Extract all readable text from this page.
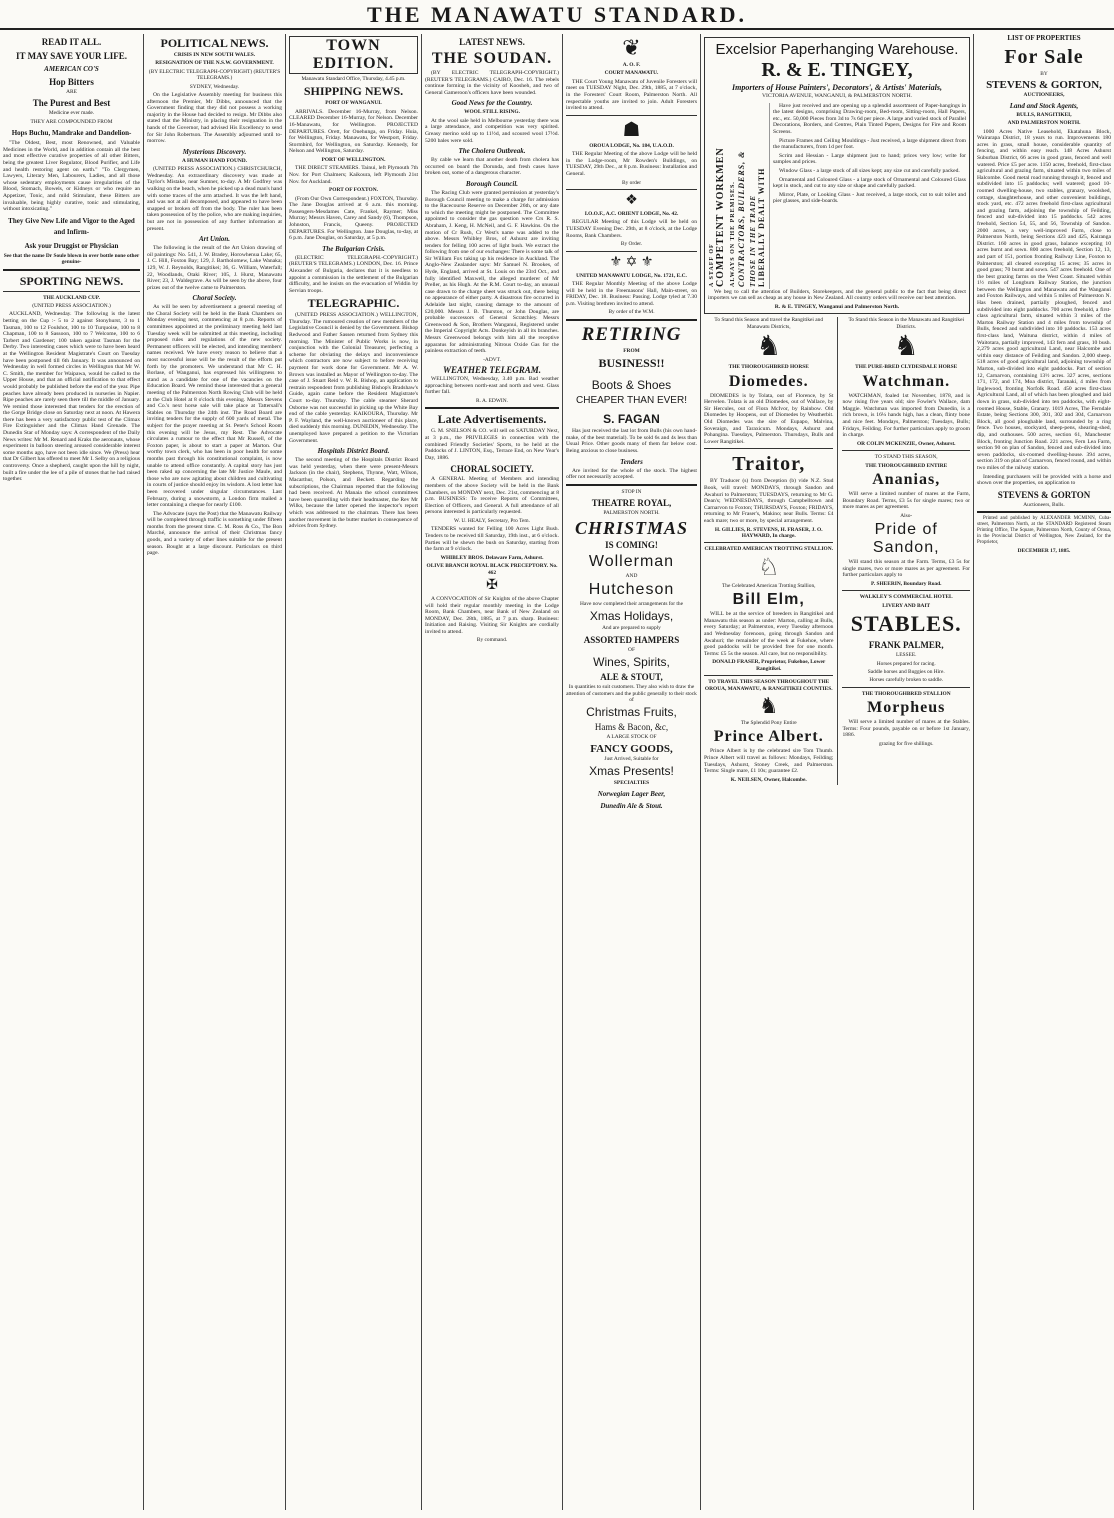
THE MANAWATU STANDARD.
READ IT ALL.
IT MAY SAVE YOUR LIFE.
AMERICAN CO'S
Hop Bitters
ARE
The Purest and Best
Medicine ever made.
THEY ARE COMPOUNDED FROM
Hops Buchu, Mandrake and Dandelion-

"The Oldest, Best, most Renowned, and Valuable Medicines in the World, and in addition contain all the best and most effective curative properties of all other Bitters, being the greatest Liver Regulator, Blood Purifier, and Life and health restoring agent on earth." "To Clergymen, Lawyers, Literary Men, Labourers, Ladies, and all those whose sedentary employments cause irregularities of the Blood, Stomach, Bowels, or Kidneys or who require an Appetizer, Tonic, and mild Stimulant, these Bitters are invaluable, being highly curative, tonic and stimulating, without intoxicating."

They Give New Life and Vigor to the Aged and Infirm-
Ask your Druggist or Physician
See that the name Dr Soule blown in over bottle none other genuine-
SPORTING NEWS.
THE AUCKLAND CUP.
(UNITED PRESS ASSOCIATION.)

AUCKLAND, Wednesday. The following is the latest betting on the Cup :- 5 to 2 against Stonyhurst, 3 to 1 Tasman, 100 to 12 Foulshot, 100 to 10 Turquoise, 100 to 8 Chapman, 100 to 8 Sassoon, 100 to 7 Welcome, 100 to 6 Tarbert and Gardener; 100 taken against Tasman for the Derby. Two interesting cases which were to have been heard at the Wellington Resident Magistrate's Court on Tuesday have been postponed till 6th January. It was announced on Wednesday in well formed circles in Wellington that Mr W. C. Smith, the member for Waipawa, would be called to the Upper House, and that an official notification to that effect would probably be published before the end of the year. Pipe peaches have already been produced in nurseries in Napier. Ripe peaches are rarely seen there till the middle of January. We remind those interested that tenders for the erection of the Gorge Bridge close on Saturday next at noon. At Hawera there has been a very satisfactory public test of the Climax Fire Extinguisher and the Climax Hand Grenade. The Dunedin Star of Monday says: A correspondent of the Daily News writes: Mr M. Renard and Kraks the aeronauts, whose experiment in balloon steering aroused considerable interest some months ago, have not been idle since. We (Press) hear that Dr Gilbert has offered to meet Mr I. Selby on a religious controversy. Once a shepherd, caught upon the hill by night, built a fire under the lee of a pile of stones that he had raised together.

POLITICAL NEWS.
CRISIS IN NEW SOUTH WALES.
RESIGNATION OF THE N.S.W. GOVERNMENT.
(BY ELECTRIC TELEGRAPH-COPYRIGHT) (REUTER'S TELEGRAMS.)
SYDNEY, Wednesday.

On the Legislative Assembly meeting for business this afternoon the Premier, Mr Dibbs, announced that the Government finding that they did not possess a working majority in the House had decided to resign. Mr Dibbs also stated that the Ministry, in placing their resignation in the hands of the Governor, had advised His Excellency to send for Sir John Robertson. The Assembly adjourned until to-morrow.

Mysterious Discovery.
A HUMAN HAND FOUND.

(UNITED PRESS ASSOCIATION.) CHRISTCHURCH, Wednesday. An extraordinary discovery was made at Taylor's Mistake, near Sumner, to-day. A Mr Godfrey was walking on the beach, when he picked up a dead man's hand with some traces of the arm attached. It was the left hand, and was not at all decomposed, and appeared to have been snapped or broken off from the body. The ruler has been taken possession of by the police, who are making inquiries, but are not in possession of any further information at present.

Art Union.

The following is the result of the Art Union drawing of oil paintings: No. 541, J. W. Bradey, Horowhenua Lake; 65, J. C. Hill, Foxton Bay; 129, J. Bartholomew, Lake Wanaka; 129, W. J. Reynolds, Rangitikei; 36, G. William, Waterfall; 22, Woodlands, Otaki River; 105, J. Hurst, Manawatu River; 23, J. Waldegrave. As will be seen by the above, four prizes out of the twelve came to Palmerston.

Choral Society.

As will be seen by advertisement a general meeting of the Choral Society will be held in the Bank Chambers on Monday evening next, commencing at 8 p.m. Reports of committees appointed at the preliminary meeting held last Tuesday week will be submitted at this meeting, including proposed rules and regulations of the new society. Permanent officers will be elected, and intending members' names received. We have every reason to believe that a most successful issue will be the result of the efforts put forth by the promoters. We understand that Mr C. H. Borlase, of Wanganui, has expressed his willingness to stand as a candidate for one of the vacancies on the Education Board. We remind those interested that a general meeting of the Palmerston North Rowing Club will be held at the Club Hotel at 8 o'clock this evening. Messrs Stevens and Co.'s next horse sale will take place at Tattersall's Stables on Thursday the 24th inst. The Road Board are inviting tenders for the supply of 600 yards of metal. The subject for the prayer meeting at St. Peter's School Room this evening will be Jesus, my Rest. The Advocate circulates a rumour to the effect that Mr Russell, of the Foxton paper, is about to start a paper at Marton. Our worthy town clerk, who has been in poor health for some months past through his constitutional complaint, is now unable to attend office constantly. A capital story has just been raked up concerning the late Mr Justice Maule, and those who are now agitating about children and cultivating in courts of justice should enjoy its wisdom. A lost letter has been recovered under singular circumstances. Last February, during a snowstorm, a London firm mailed a letter containing a cheque for nearly £100.

The Advocate (says the Post) that the Manawatu Railway will be completed through traffic is something under fifteen months from the present time. C. M. Ross & Co., The Bon Marché, announce the arrival of their Christmas fancy goods, and a variety of other lines suitable for the present season. Bought at a large discount. Particulars on third page.

TOWN EDITION.
Manawatu Standard Office, Thursday, 4.45 p.m.
SHIPPING NEWS.
PORT OF WANGANUI.

ARRIVALS. December 16-Murray, from Nelson. CLEARED December 16-Murray, for Nelson. December 16-Manawatu, for Wellington. PROJECTED DEPARTURES. Orett, for Onehunga, on Friday. Huia, for Wellington, Friday. Manawatu, for Westport, Friday. Stormbird, for Wellington, on Saturday. Kennedy, for Nelson and Wellington, Saturday.

PORT OF WELLINGTON.

THE DIRECT STEAMERS. Tainui, left Plymouth 7th Nov. for Port Chalmers; Kaikoura, left Plymouth 21st Nov. for Auckland.

PORT OF FOXTON.

(From Our Own Correspondent.) FOXTON, Thursday. The Jane Douglas arrived at 6 a.m. this morning. Passengers-Mesdames Cate, Frankel, Raymer; Miss Murray; Messrs Haven, Carey and Sandy (6), Thompson, Johnston, Francis, Queeny. PROJECTED DEPARTURES. For Wellington. Jane Douglas, to-day, at 6 p.m. Jane Douglas, on Saturday, at 5 p.m.

The Bulgarian Crisis.

(ELECTRIC TELEGRAPH.-COPYRIGHT.) (REUTER'S TELEGRAMS.) LONDON, Dec. 16. Prince Alexander of Bulgaria, declares that it is needless to appoint a commission in the settlement of the Bulgarian difficulty, and he insists on the evacuation of Widdin by Servian troops.

TELEGRAPHIC.

(UNITED PRESS ASSOCIATION.) WELLINGTON, Thursday. The rumoured creation of new members of the Legislative Council is denied by the Government. Bishop Redwood and Father Sassen returned from Sydney this morning. The Minister of Public Works is now, in conjunction with the Colonial Treasurer, perfecting a scheme for obviating the delays and inconvenience which contractors are now subject to before receiving payment for work done for Government. Mr A. W. Brown was installed as Mayor of Wellington to-day. The case of J. Stuart Reid v. W. R. Bishop, an application to restrain respondent from publishing Bishop's Bradshaw's Guide, again came before the Resident Magistrate's Court to-day. Thursday. The cable steamer Sherard Osborne was not successful in picking up the White Bay end of the cable yesterday. KAIKOURA, Thursday. Mr P. F. Wayland, the well-known auctioneer of this place, died suddenly this morning. DUNEDIN, Wednesday. The unemployed have prepared a petition to the Victorian Government.

Hospitals District Board.

The second meeting of the Hospitals District Board was held yesterday, when there were present-Messrs Jackson (in the chair), Stephens, Thynne, Watt, Wilson, Macarthur, Polson, and Beckett. Regarding the subscriptions, the Chairman reported that the following had been received. At Manaia the school committees have been quarrelling with their headmaster, the Rev Mr Wilks, because the latter opened the inspector's report which was addressed to the chairman. There has been another movement in the butter market in consequence of advices from Sydney.

LATEST NEWS.
THE SOUDAN.

(BY ELECTRIC TELEGRAPH-COPYRIGHT.) (REUTER'S TELEGRAMS.) CAIRO, Dec. 16. The rebels continue forming in the vicinity of Koosheh, and two of General Gameroon's officers have been wounded.

Good News for the Country.
WOOL STILL RISING.

At the wool sale held in Melbourne yesterday there was a large attendance, and competition was very spirited. Greasy merino sold up to 11½d, and scoured wool 17½d. 5200 bales were sold.

The Cholera Outbreak.

By cable we learn that another death from cholera has occurred on board the Dorunda, and fresh cases have broken out, some of a dangerous character.

Borough Council.

The Racing Club were granted permission at yesterday's Borough Council meeting to make a charge for admission to the Racecourse Reserve on December 26th, or any date to which the meeting might be postponed. The Committee appointed to consider the gas question were Crs R. S. Abraham, J. Keng, H. McNeil, and G. F. Hawkins. On the motion of Cr Rush, Cr West's name was added to the above. Messrs Whibley Bros, of Ashurst are inviting tenders for felling 100 acres of light bush. We extract the following from one of our exchanges: There is some talk of Sir William Fox taking up his residence in Auckland. The Anglo-New Zealander says: Mr Samuel N. Brookes, of Hyde, England, arrived at St. Louis on the 23rd Oct., and fully identified Maxwell, the alleged murderer of Mr Preller, as his Hugh. At the R.M. Court to-day, an unusual case drawn to the charge sheet was struck out, there being no appearance of either party. A disastrous fire occurred in Adelaide last night, causing damage to the amount of £20,000. Messrs J. B. Thurston, or John Douglas, are probable successors of General Scratchley. Messrs Greenwood & Son, Brothers Wanganui, Registered under the Imperial Copyright Acts. Donkeyish in all its branches. Messrs Greenwood belongs with him all the receptive apparatus for administrating Nitrous Oxide Gas for the painless extraction of teeth.

-ADVT.
WEATHER TELEGRAM.

WELLINGTON, Wednesday, 3.40 p.m. Bad weather approaching between north-east and north and west. Glass further fall.

R. A. EDWIN.
Late Advertisements.

G. M. SNELSON & CO. will sell on SATURDAY Next, at 3 p.m., the PRIVILEGES in connection with the combined Friendly Societies' Sports, to be held at the Paddocks of J. LINTON, Esq., Terrace End, on New Year's Day, 1886.

CHORAL SOCIETY.

A GENERAL Meeting of Members and intending members of the above Society will be held in the Bank Chambers, on MONDAY next, Dec. 21st, commencing at 8 p.m. BUSINESS: To receive Reports of Committees, Election of Officers, and General. A full attendance of all persons interested is particularly requested.

W. U. HEALY, Secretary, Pro Tem.

TENDERS wanted for Felling 100 Acres Light Bush. Tenders to be received till Saturday, 19th inst., at 6 o'clock. Parties will be shewn the bush on Saturday, starting from the farm at 9 o'clock.

WHIBLEY BROS. Delaware Farm, Ashurst.
OLIVE BRANCH ROYAL BLACK PRECEPTORY. No. 462
✠

A CONVOCATION of Sir Knights of the above Chapter will hold their regular monthly meeting in the Lodge Room, Bank Chambers, near Bank of New Zealand on MONDAY, Dec. 28th, 1885, at 7 p.m. sharp. Business: Initiation and Raising. Visiting Sir Knights are cordially invited to attend.

By command.
❦
A. O. F.
COURT MANAWATU.

THE Court Young Manawatu of Juvenile Foresters will meet on TUESDAY Night, Dec. 29th, 1885, at 7 o'clock, in the Foresters' Court Room, Palmerston North. All respectable youths are invited to join. Adult Foresters invited to attend.

☗
OROUA LODGE, No. 184, U.A.O.D.

THE Regular Meeting of the above Lodge will be held in the Lodge-room, Mr Rowden's Buildings, on TUESDAY, 29th Dec., at 8 p.m. Business: Installation and General.

By order
❖
I.O.O.F., A.C. ORIENT LODGE, No. 42.

REGULAR Meeting of this Lodge will be held on TUESDAY Evening Dec. 29th, at 8 o'clock, at the Lodge Rooms, Bank Chambers.

By Order.
⚜ ✡ ⚜
UNITED MANAWATU LODGE, No. 1721, E.C.

THE Regular Monthly Meeting of the above Lodge will be held in the Freemasons' Hall, Main-street, on FRIDAY, Dec. 18. Business: Passing. Lodge tyled at 7.30 p.m. Visiting brethren invited to attend.

By order of the W.M.
RETIRING
FROM
BUSINESS!!
Boots & Shoes
CHEAPER THAN EVER!
S. FAGAN

Has just received the last lot from Bulls (his own hand-make, of the best material). To be sold 6s and 4s less than Usual Price. Other goods many of them far below cost. Being anxious to close business.

Tenders

Are invited for the whole of the stock. The highest offer not necessarily accepted.

STOP IN
THEATRE ROYAL,
PALMERSTON NORTH.
CHRISTMAS
IS COMING!
Wollerman
AND
Hutcheson
Have now completed their arrangements for the
Xmas Holidays,
And are prepared to supply
ASSORTED HAMPERS
OF
Wines, Spirits,
ALE & STOUT,
In quantities to suit customers. They also wish to draw the attention of customers and the public generally to their stock of
Christmas Fruits,
Hams & Bacon, &c,
A LARGE STOCK OF
FANCY GOODS,
Just Arrived, Suitable for
Xmas Presents!
SPECIALTIES
Norwegian Lager Beer,
Dunedin Ale & Stout.
Excelsior Paperhanging Warehouse.
R. & E. TINGEY,
Importers of House Painters', Decorators', & Artists' Materials,
VICTORIA AVENUE, WANGANUI, & PALMERSTON NORTH.
A STAFF OF COMPETENT WORKMEN ALWAYS ON THE PREMISES. CONTRACTORS, BUILDERS, & THOSE IN THE TRADE LIBERALLY DEALT WITH

Have just received and are opening up a splendid assortment of Paper-hangings in the latest designs, comprising Drawing-room, Bed-room, Sitting-room, Hall Papers, etc., etc. 50,000 Pieces from 3d to 7s 6d per piece. A large and varied stock of Parallel Decorations, Borders, and Centres, Plain Tinted Papers, Designs for Fire and Room Screens.

Picture Frames and Ceiling Mouldings - Just received, a large shipment direct from the manufacturers, from 1d per foot.

Scrim and Hessian - Large shipment just to hand; prices very low; write for samples and prices.

Window Glass - a large stock of all sizes kept; any size cut and carefully packed.

Ornamental and Coloured Glass - a large stock of Ornamental and Coloured Glass kept in stock, and cut to any size or shape and carefully packed.

Mirror, Plate, or Looking Glass - Just received, a large stock, cut to suit toilet and pier glasses, and side-boards.

We beg to call the attention of Builders, Storekeepers, and the general public to the fact that being direct importers we can sell as cheap as any house in New Zealand. All country orders will receive our best attention.

R. & E. TINGEY, Wanganui and Palmerston North.
To Stand this Season and travel the Rangitikei and Manawatu Districts,
♞
THE THOROUGHBRED HORSE
Diomedes.

DIOMEDES is by Tolata, out of Florence, by St Hervelen. Tolata is an old Diomedes, out of Wallace, by Sir Hercules, out of Flora McIvor, by Rainbow. Old Diomedes by Hoopens, out of Diomedes by Weatherbit. Old Diomedes was the sire of Eupapo, Malvina, Soveraign, and Taraxicum. Mondays, Ashurst and Pohangina. Tuesdays, Palmerston. Thursdays, Bulls and Lower Rangitikei.

Traitor,

BY Traducer (s) from Deception (b) vide N.Z. Stud Book, will travel: MONDAYS, through Sandon and Awahuri to Palmerston; TUESDAYS, returning to Mr G. Dean's; WEDNESDAYS, through Campbelltown and Carnarvon to Foxton; THURSDAYS, Foxton; FRIDAYS, returning to Mr Fraser's, Makino; near Bulls. Terms: £4 each mare; two or more, by special arrangement.

H. GILLIES, R. STEVENS, H. FRASER, J. O. HAYWARD, In charge.
CELEBRATED AMERICAN TROTTING STALLION.
♘
The Celebrated American Trotting Stallion,
Bill Elm,

WILL be at the service of breeders in Rangitikei and Manawatu this season as under: Marton, calling at Bulls, every Saturday; at Palmerston, every Tuesday afternoon and Wednesday forenoon, going through Sandon and Awahuri; the remainder of the week at Fukehoe, where good paddocks will be provided free for one month. Terms: £5 5s the season. All care, but no responsibility.

DONALD FRASER, Proprietor, Fukehoe, Lower Rangitikei.
TO TRAVEL THIS SEASON THROUGHOUT THE OROUA, MANAWATU, & RANGITIKEI COUNTIES.
♞
The Splendid Pony Entire
Prince Albert.

Prince Albert is by the celebrated sire Tom Thumb. Prince Albert will travel as follows: Mondays, Feilding; Tuesdays, Ashurst, Stoney Creek, and Palmerston. Terms: Single mare, £1 10s; guarantee £2.

K. NEILSEN, Owner, Halcombe.
To Stand this Season in the Manawatu and Rangitikei Districts.
♞
THE PURE-BRED CLYDESDALE HORSE
Watchman.

WATCHMAN, foaled 1st November, 1878, and is now rising five years old; sire Fowler's Wallace, dam Maggie. Watchman was imported from Dunedin, is a rich brown, is 16¼ hands high, has a clean, flinty bone and nice feet. Mondays, Palmerston; Tuesdays, Bulls; Fridays, Feilding. For further particulars apply to groom in charge.

OR COLIN MCKENZIE, Owner, Ashurst.
TO STAND THIS SEASON,
THE THOROUGHBRED ENTIRE
Ananias,

Will serve a limited number of mares at the Farm, Boundary Road. Terms, £3 5s for single mares; two or more mares as per agreement.

Also-
Pride of Sandon,

Will stand this season at the Farm. Terms, £3 5s for single mares, two or more mares as per agreement. For further particulars apply to

P. SHEERIN, Boundary Road.
WALKLEY'S COMMERCIAL HOTEL
LIVERY AND BAIT
STABLES.
FRANK PALMER,
LESSEE.
Horses prepared for racing.
Saddle horses and Buggies on Hire.
Horses carefully broken to saddle.
THE THOROUGHBRED STALLION
Morpheus

Will serve a limited number of mares at the Stables. Terms: Four pounds, payable on or before 1st January, 1886.

grazing for five shillings.
LIST OF PROPERTIES
For Sale
BY
STEVENS & GORTON,
AUCTIONEERS,
Land and Stock Agents,
BULLS, RANGITIKEI,
AND PALMERSTON NORTH.

1000 Acres Native Leasehold, Ekatahuna Block, Wairarapa District, 18 years to run. Improvements 180 acres in grass, small house, considerable quantity of fencing, and within easy reach. 148 Acres Ashurst Suburban District, 66 acres in good grass, fenced and well watered. Price £5 per acre. 1150 acres, freehold, first-class agricultural and grazing farm, situated within two miles of Halcombe. Good metal road running through it, fenced and subdivided into 15 paddocks; well watered; good 10-roomed dwelling-house, two stables, granary, woolshed, cottage, slaughterhouse, and other convenient buildings, stock yard, etc. 472 acres freehold first-class agricultural and grazing farm, adjoining the township of Feilding, fenced and sub-divided into 15 paddocks. 542 acres freehold, Section 54, 55, and 56, Township of Sandon. 2000 acres, a very well-improved Farm, close to Palmerston North, being Sections 423 and 425, Kairanga District. 160 acres in good grass, balance excepting 10 acres burnt and sown. 800 acres freehold, Section 12, 13, and part of 151, portion fronting Railway Line, Foxton to Palmerston; all cleared excepting 15 acres; 35 acres in good grass; 70 burnt and sown. 547 acres freehold. One of the best grazing farms on the West Coast. Situated within 1½ miles of Longburn Railway Station, the junction between the Wellington and Manawatu and the Wanganui and Foxton Railways, and within 5 miles of Palmerston N. Has been drained, partially ploughed, fenced and subdivided into eight paddocks. 700 acres freehold, a first-class agricultural farm, situated within 3 miles of the Marton Railway Station and 4 miles from township of Bulls, fenced and subdivided into 10 paddocks. 153 acres first-class land, Waituna district, within 4 miles of Waitotara, partially improved, 143 fern and grass, 10 bush. 2,279 acres good agricultural Land, near Halcombe and within easy distance of Feilding and Sandon. 2,000 sheep. 518 acres of good agricultural land, adjoining township of Marton, sub-divided into eight paddocks. Part of section 12, Carnarvon, containing 13½ acres. 327 acres, sections 171, 172, and 174, Moa district, Taranaki, 4 miles from Inglewood, fronting Norfolk Road. 450 acres first-class Agricultural Land, all of which has been ploughed and laid down in grass, sub-divided into ten paddocks, with eight-roomed House, Stable, Granary. 1019 Acres, The Ferndale Estate, being Sections 300, 301, 302 and 304, Carnarvon Block, all good ploughable land, surrounded by a ring fence. Two houses, stockyard, sheep-pens, shearing-shed, dip, and outhouses. 500 acres, section 61, Manchester Block, fronting Junction Road. 221 acres, Fern Lea Farm, section 90 on plan of Sandon, fenced and sub-divided into seven paddocks, six-roomed dwelling-house. 394 acres, section 319 on plan of Carnarvon, fenced round, and within two miles of the railway station.

Intending purchasers will be provided with a horse and shown over the properties, on application to

STEVENS & GORTON
Auctioneers, Bulls.

Printed and published by ALEXANDER MCMINN, Cuba-street, Palmerston North, at the STANDARD Registered Steam Printing Office, The Square, Palmerston North, County of Oroua, in the Provincial District of Wellington, New Zealand, for the Proprietor,

DECEMBER 17, 1885.
